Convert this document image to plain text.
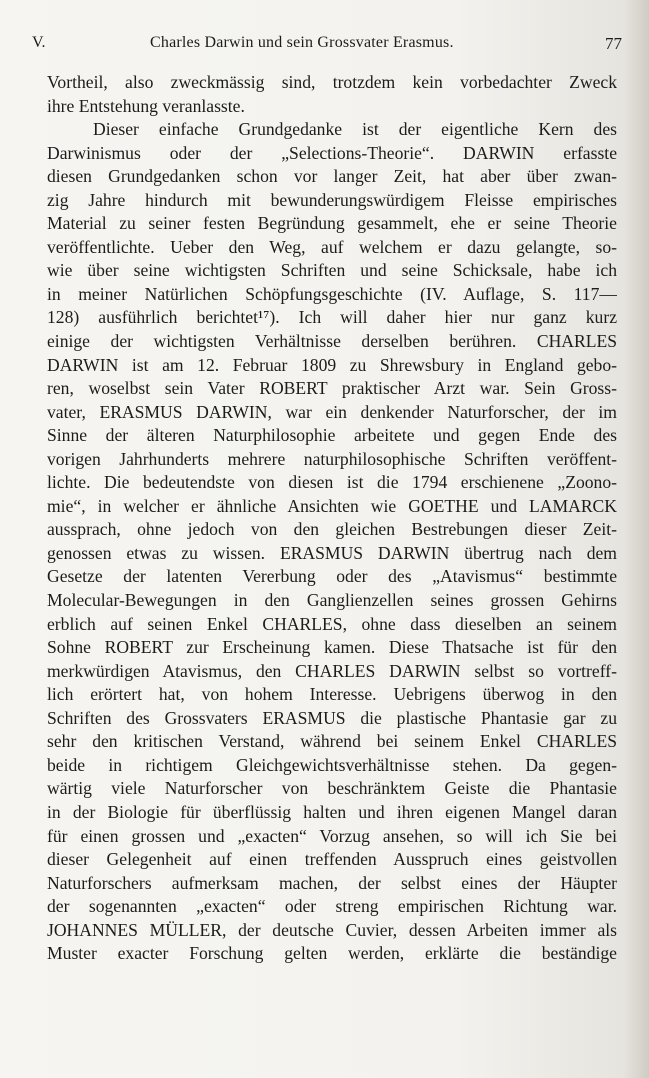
V.	Charles Darwin und sein Grossvater Erasmus.	77
Vortheil, also zweckmässig sind, trotzdem kein vorbedachter Zweck
ihre Entstehung veranlasste.
Dieser einfache Grundgedanke ist der eigentliche Kern des
Darwinismus oder der „Selections-Theorie“. DARWIN erfasste
diesen Grundgedanken schon vor langer Zeit, hat aber über zwan-
zig Jahre hindurch mit bewunderungswürdigem Fleisse empirisches
Material zu seiner festen Begründung gesammelt, ehe er seine Theorie
veröffentlichte. Ueber den Weg, auf welchem er dazu gelangte, so-
wie über seine wichtigsten Schriften und seine Schicksale, habe ich
in meiner Natürlichen Schöpfungsgeschichte (IV. Auflage, S. 117—
128) ausführlich berichtet¹⁷). Ich will daher hier nur ganz kurz
einige der wichtigsten Verhältnisse derselben berühren. CHARLES
DARWIN ist am 12. Februar 1809 zu Shrewsbury in England gebo-
ren, woselbst sein Vater ROBERT praktischer Arzt war. Sein Gross-
vater, ERASMUS DARWIN, war ein denkender Naturforscher, der im
Sinne der älteren Naturphilosophie arbeitete und gegen Ende des
vorigen Jahrhunderts mehrere naturphilosophische Schriften veröffent-
lichte. Die bedeutendste von diesen ist die 1794 erschienene „Zoono-
mie“, in welcher er ähnliche Ansichten wie GOETHE und LAMARCK
aussprach, ohne jedoch von den gleichen Bestrebungen dieser Zeit-
genossen etwas zu wissen. ERASMUS DARWIN übertrug nach dem
Gesetze der latenten Vererbung oder des „Atavismus“ bestimmte
Molecular-Bewegungen in den Ganglienzellen seines grossen Gehirns
erblich auf seinen Enkel CHARLES, ohne dass dieselben an seinem
Sohne ROBERT zur Erscheinung kamen. Diese Thatsache ist für den
merkwürdigen Atavismus, den CHARLES DARWIN selbst so vortreff-
lich erörtert hat, von hohem Interesse. Uebrigens überwog in den
Schriften des Grossvaters ERASMUS die plastische Phantasie gar zu
sehr den kritischen Verstand, während bei seinem Enkel CHARLES
beide in richtigem Gleichgewichtsverhältnisse stehen. Da gegen-
wärtig viele Naturforscher von beschränktem Geiste die Phantasie
in der Biologie für überflüssig halten und ihren eigenen Mangel daran
für einen grossen und „exacten“ Vorzug ansehen, so will ich Sie bei
dieser Gelegenheit auf einen treffenden Ausspruch eines geistvollen
Naturforschers aufmerksam machen, der selbst eines der Häupter
der sogenannten „exacten“ oder streng empirischen Richtung war.
JOHANNES MÜLLER, der deutsche Cuvier, dessen Arbeiten immer als
Muster exacter Forschung gelten werden, erklärte die beständige
